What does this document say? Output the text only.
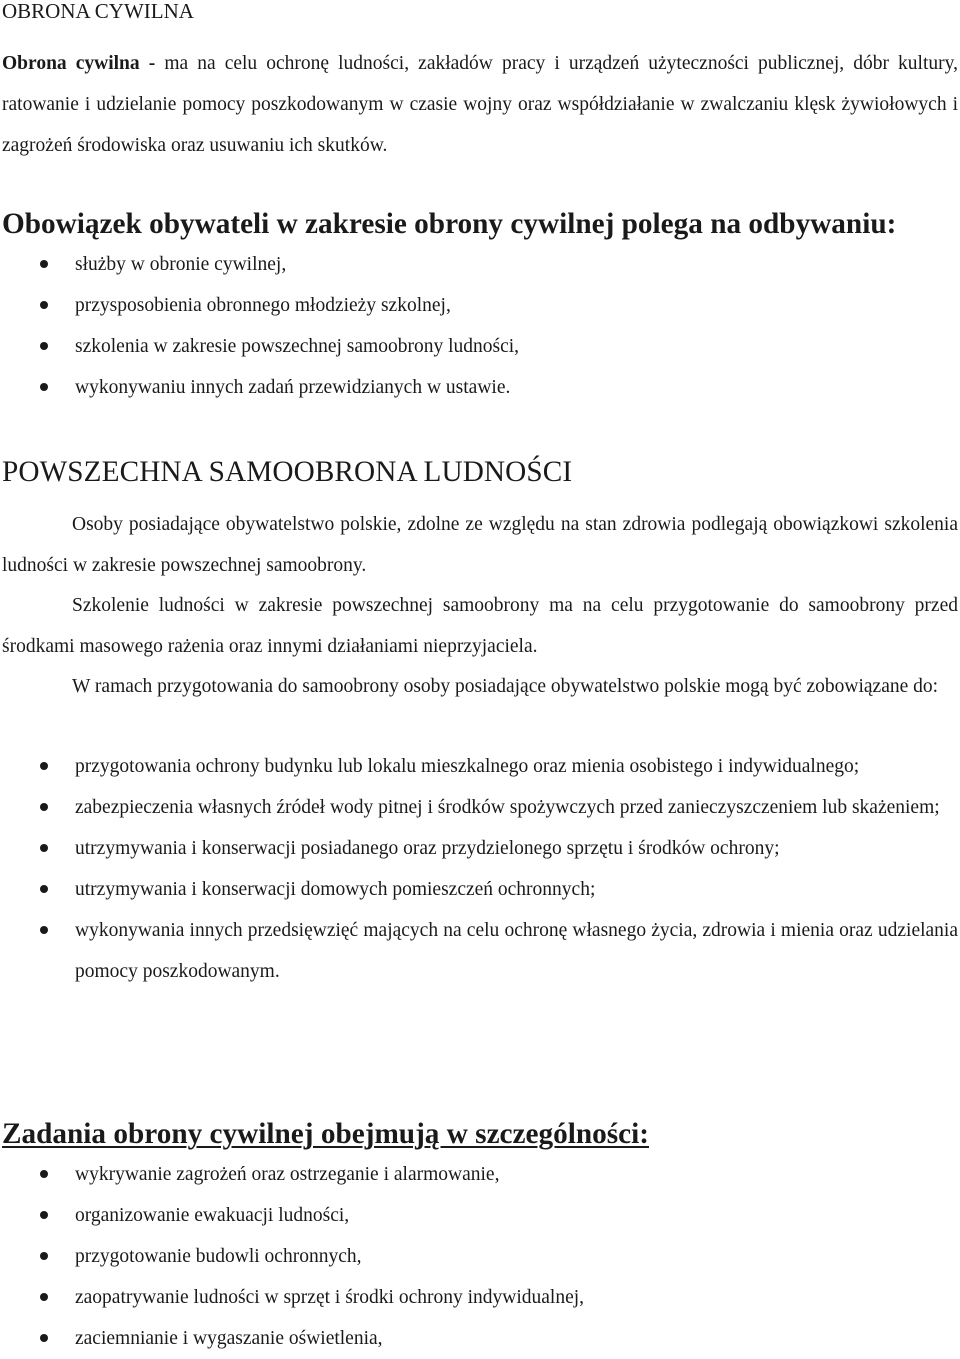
OBRONA CYWILNA

Obrona cywilna - ma na celu ochronę ludności, zakładów pracy i urządzeń użyteczności publicznej, dóbr kultury, ratowanie i udzielanie pomocy poszkodowanym w czasie wojny oraz współdziałanie w zwalczaniu klęsk żywiołowych i zagrożeń środowiska oraz usuwaniu ich skutków.

Obowiązek obywateli w zakresie obrony cywilnej polega na odbywaniu:
służby w obronie cywilnej,
przysposobienia obronnego młodzieży szkolnej,
szkolenia w zakresie powszechnej samoobrony ludności,
wykonywaniu innych zadań przewidzianych w ustawie.
POWSZECHNA SAMOOBRONA LUDNOŚCI

Osoby posiadające obywatelstwo polskie, zdolne ze względu na stan zdrowia podlegają obowiązkowi szkolenia ludności w zakresie powszechnej samoobrony.

Szkolenie ludności w zakresie powszechnej samoobrony ma na celu przygotowanie do samoobrony przed środkami masowego rażenia oraz innymi działaniami nieprzyjaciela.

W ramach przygotowania do samoobrony osoby posiadające obywatelstwo polskie mogą być zobowiązane do:

przygotowania ochrony budynku lub lokalu mieszkalnego oraz mienia osobistego i indywidualnego;
zabezpieczenia własnych źródeł wody pitnej i środków spożywczych przed zanieczyszczeniem lub skażeniem;
utrzymywania i konserwacji posiadanego oraz przydzielonego sprzętu i środków ochrony;
utrzymywania i konserwacji domowych pomieszczeń ochronnych;
wykonywania innych przedsięwzięć mających na celu ochronę własnego życia, zdrowia i mienia oraz udzielania pomocy poszkodowanym.
Zadania obrony cywilnej obejmują w szczególności:
wykrywanie zagrożeń oraz ostrzeganie i alarmowanie,
organizowanie ewakuacji ludności,
przygotowanie budowli ochronnych,
zaopatrywanie ludności w sprzęt i środki ochrony indywidualnej,
zaciemnianie i wygaszanie oświetlenia,
